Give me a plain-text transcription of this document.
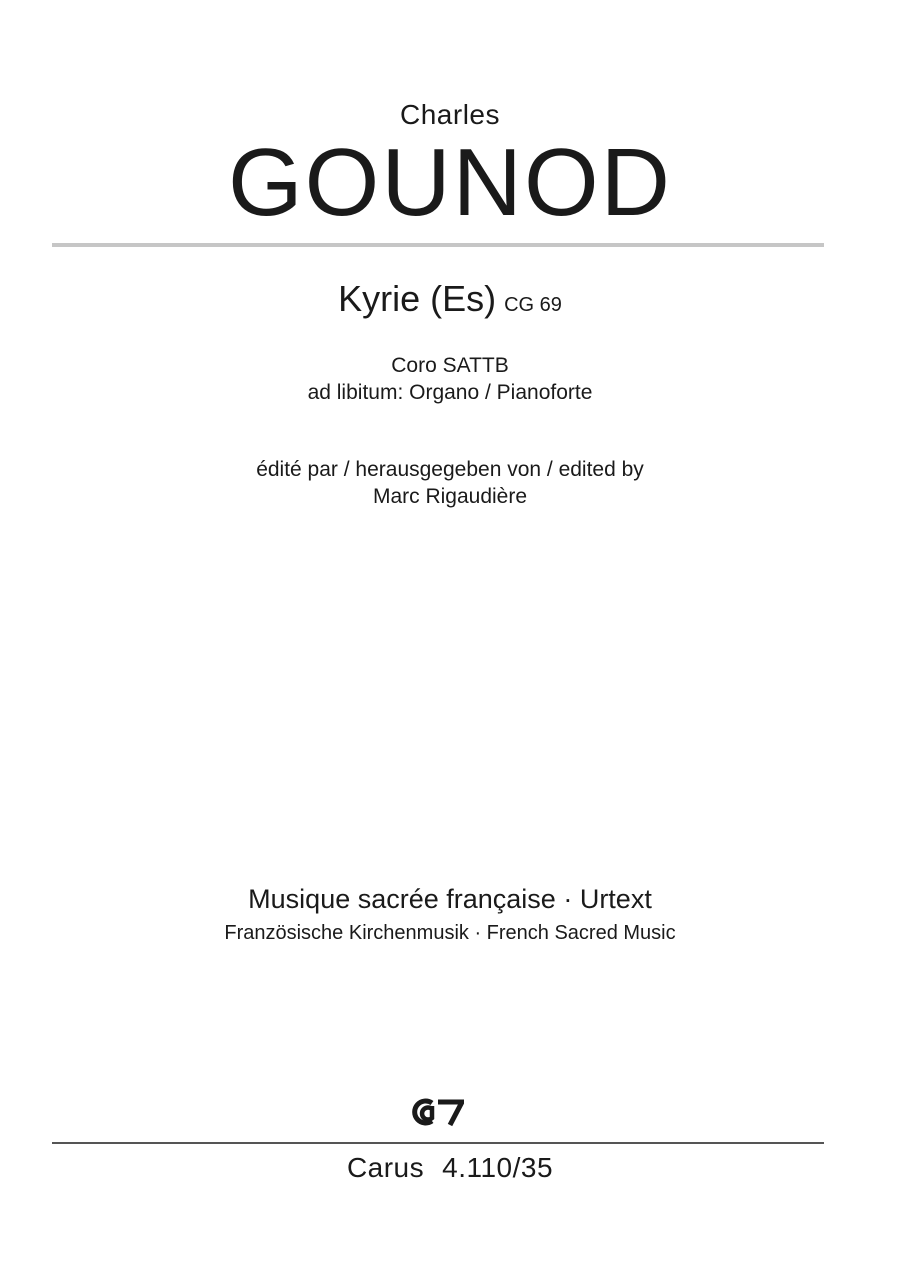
Charles
GOUNOD
Kyrie (Es) CG 69
Coro SATTB
ad libitum: Organo / Pianoforte
édité par / herausgegeben von / edited by
Marc Rigaudière
Musique sacrée française · Urtext
Französische Kirchenmusik · French Sacred Music
Carus 4.110/35
